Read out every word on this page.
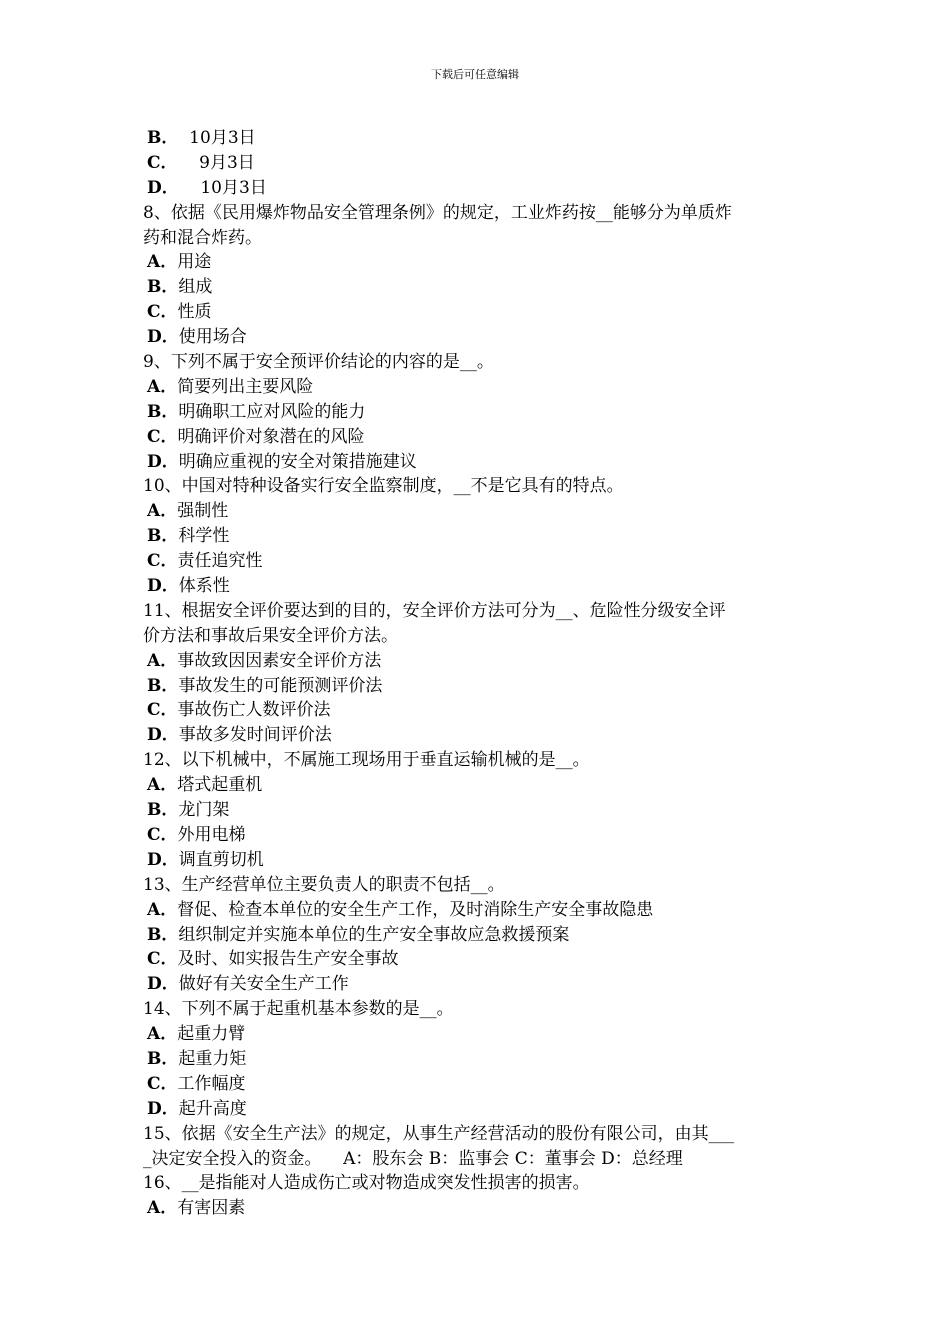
下载后可任意编辑
B．  10月3日
C．    9月3日
D．    10月3日
8、依据《民用爆炸物品安全管理条例》的规定，工业炸药按__能够分为单质炸
药和混合炸药。
A．用途
B．组成
C．性质
D．使用场合
9、下列不属于安全预评价结论的内容的是__。
A．简要列出主要风险
B．明确职工应对风险的能力
C．明确评价对象潜在的风险
D．明确应重视的安全对策措施建议
10、中国对特种设备实行安全监察制度，__不是它具有的特点。
A．强制性
B．科学性
C．责任追究性
D．体系性
11、根据安全评价要达到的目的，安全评价方法可分为__、危险性分级安全评
价方法和事故后果安全评价方法。
A．事故致因因素安全评价方法
B．事故发生的可能预测评价法
C．事故伤亡人数评价法
D．事故多发时间评价法
12、以下机械中，不属施工现场用于垂直运输机械的是__。
A．塔式起重机
B．龙门架
C．外用电梯
D．调直剪切机
13、生产经营单位主要负责人的职责不包括__。
A．督促、检查本单位的安全生产工作，及时消除生产安全事故隐患
B．组织制定并实施本单位的生产安全事故应急救援预案
C．及时、如实报告生产安全事故
D．做好有关安全生产工作
14、下列不属于起重机基本参数的是__。
A．起重力臂
B．起重力矩
C．工作幅度
D．起升高度
15、依据《安全生产法》的规定，从事生产经营活动的股份有限公司，由其___
_决定安全投入的资金。    A：股东会 B：监事会 C：董事会 D：总经理
16、__是指能对人造成伤亡或对物造成突发性损害的损害。
A．有害因素
